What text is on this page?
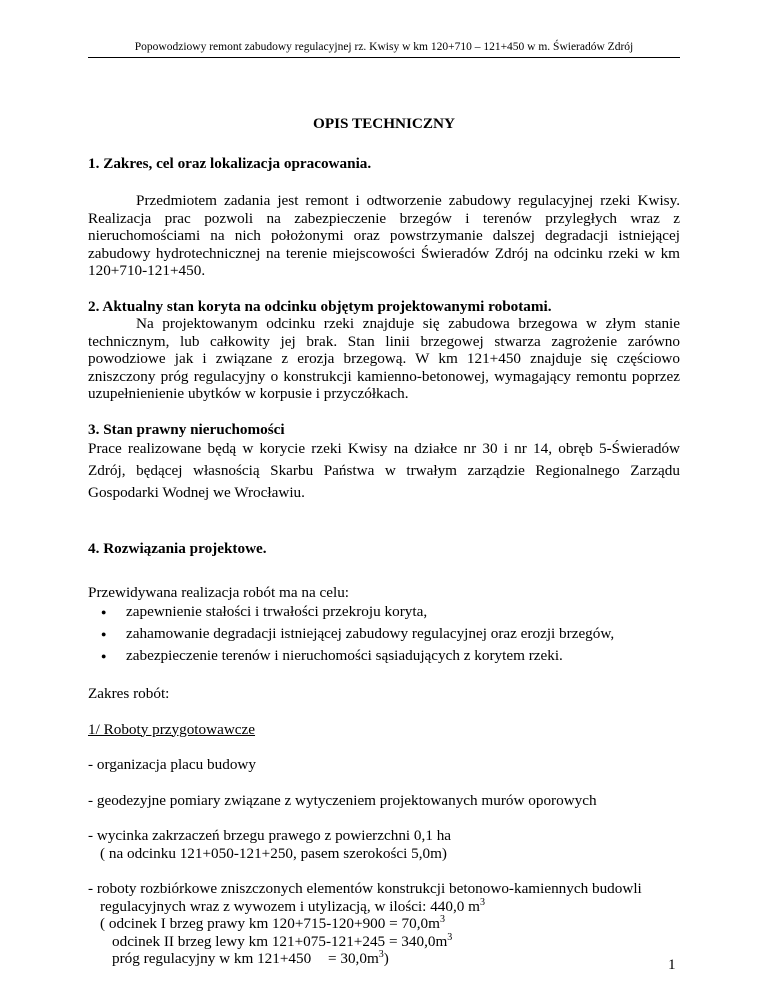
Popowodziowy remont zabudowy regulacyjnej rz. Kwisy w km 120+710 – 121+450 w m. Świeradów Zdrój

OPIS TECHNICZNY

1. Zakres, cel oraz lokalizacja opracowania.

Przedmiotem zadania jest remont i odtworzenie zabudowy regulacyjnej rzeki Kwisy. Realizacja prac pozwoli na zabezpieczenie brzegów i terenów przyległych wraz z nieruchomościami na nich położonymi oraz powstrzymanie dalszej degradacji istniejącej zabudowy hydrotechnicznej na terenie miejscowości Świeradów Zdrój na odcinku rzeki w km 120+710-121+450.

2. Aktualny stan koryta na odcinku objętym projektowanymi robotami.

Na projektowanym odcinku rzeki znajduje się zabudowa brzegowa w złym stanie technicznym, lub całkowity jej brak. Stan linii brzegowej stwarza zagrożenie zarówno powodziowe jak i związane z erozja brzegową. W km 121+450 znajduje się częściowo zniszczony próg regulacyjny o konstrukcji kamienno-betonowej, wymagający remontu poprzez uzupełnienienie ubytków w korpusie i przyczółkach.

3. Stan prawny nieruchomości

Prace realizowane będą w korycie rzeki Kwisy na działce nr 30 i nr 14, obręb 5-Świeradów Zdrój, będącej własnością Skarbu Państwa w trwałym zarządzie Regionalnego Zarządu Gospodarki Wodnej we Wrocławiu.

4. Rozwiązania projektowe.

Przewidywana realizacja robót ma na celu:

● zapewnienie stałości i trwałości przekroju koryta,
● zahamowanie degradacji istniejącej zabudowy regulacyjnej oraz erozji brzegów,
● zabezpieczenie terenów i nieruchomości sąsiadujących z korytem rzeki.

Zakres robót:

1/ Roboty przygotowawcze

- organizacja placu budowy

- geodezyjne pomiary związane z wytyczeniem projektowanych murów oporowych

- wycinka zakrzaczeń brzegu prawego z powierzchni 0,1 ha

( na odcinku 121+050-121+250, pasem szerokości 5,0m)

- roboty rozbiórkowe zniszczonych elementów konstrukcji betonowo-kamiennych budowli

regulacyjnych wraz z wywozem i utylizacją, w ilości: 440,0 $m^3$

( odcinek I brzeg prawy km $120+715-120+900 = 70,0m^3$

odcinek II brzeg lewy km $121+075-121+245 = 340,0m^3$

próg regulacyjny w km $121+450 = 30,0m^3$)	1
